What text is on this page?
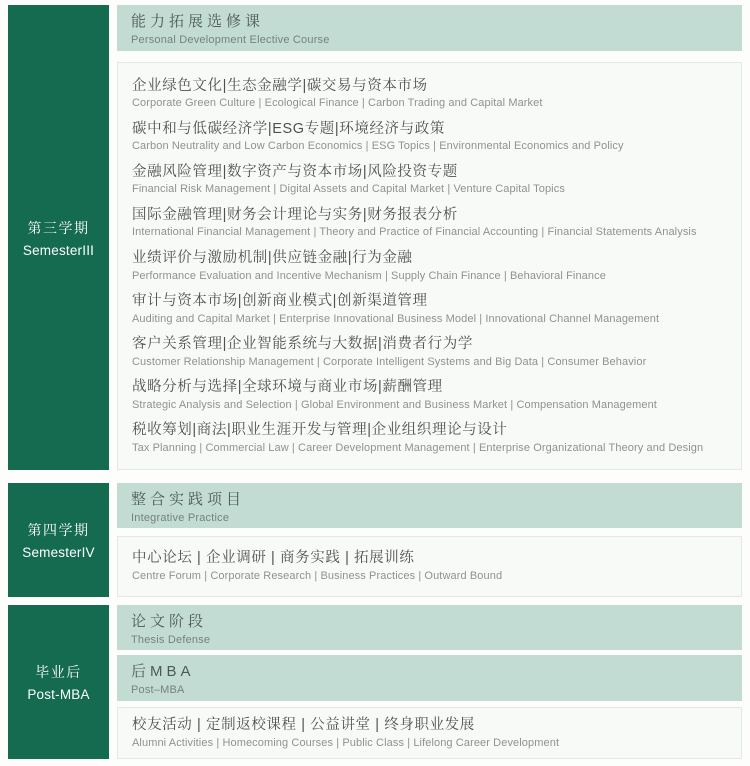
第三学期
SemesterIII
能力拓展选修课
Personal Development Elective Course
企业绿色文化|生态金融学|碳交易与资本市场
Corporate Green Culture | Ecological Finance | Carbon Trading and Capital Market
碳中和与低碳经济学|ESG专题|环境经济与政策
Carbon Neutrality and Low Carbon Economics | ESG Topics | Environmental Economics and Policy
金融风险管理|数字资产与资本市场|风险投资专题
Financial Risk Management | Digital Assets and Capital Market | Venture Capital Topics
国际金融管理|财务会计理论与实务|财务报表分析
International Financial Management | Theory and Practice of Financial Accounting | Financial Statements Analysis
业绩评价与激励机制|供应链金融|行为金融
Performance Evaluation and Incentive Mechanism | Supply Chain Finance | Behavioral Finance
审计与资本市场|创新商业模式|创新渠道管理
Auditing and Capital Market | Enterprise Innovational Business Model | Innovational Channel Management
客户关系管理|企业智能系统与大数据|消费者行为学
Customer Relationship Management | Corporate Intelligent Systems and Big Data | Consumer Behavior
战略分析与选择|全球环境与商业市场|薪酬管理
Strategic Analysis and Selection | Global Environment and Business Market | Compensation Management
税收筹划|商法|职业生涯开发与管理|企业组织理论与设计
Tax Planning | Commercial Law | Career Development Management | Enterprise Organizational Theory and Design
第四学期
SemesterIV
整合实践项目
Integrative Practice
中心论坛 | 企业调研 | 商务实践 | 拓展训练
Centre Forum | Corporate Research | Business Practices | Outward Bound
毕业后
Post-MBA
论文阶段
Thesis Defense
后MBA
Post–MBA
校友活动 | 定制返校课程 | 公益讲堂 | 终身职业发展
Alumni Activities | Homecoming Courses | Public Class | Lifelong Career Development
